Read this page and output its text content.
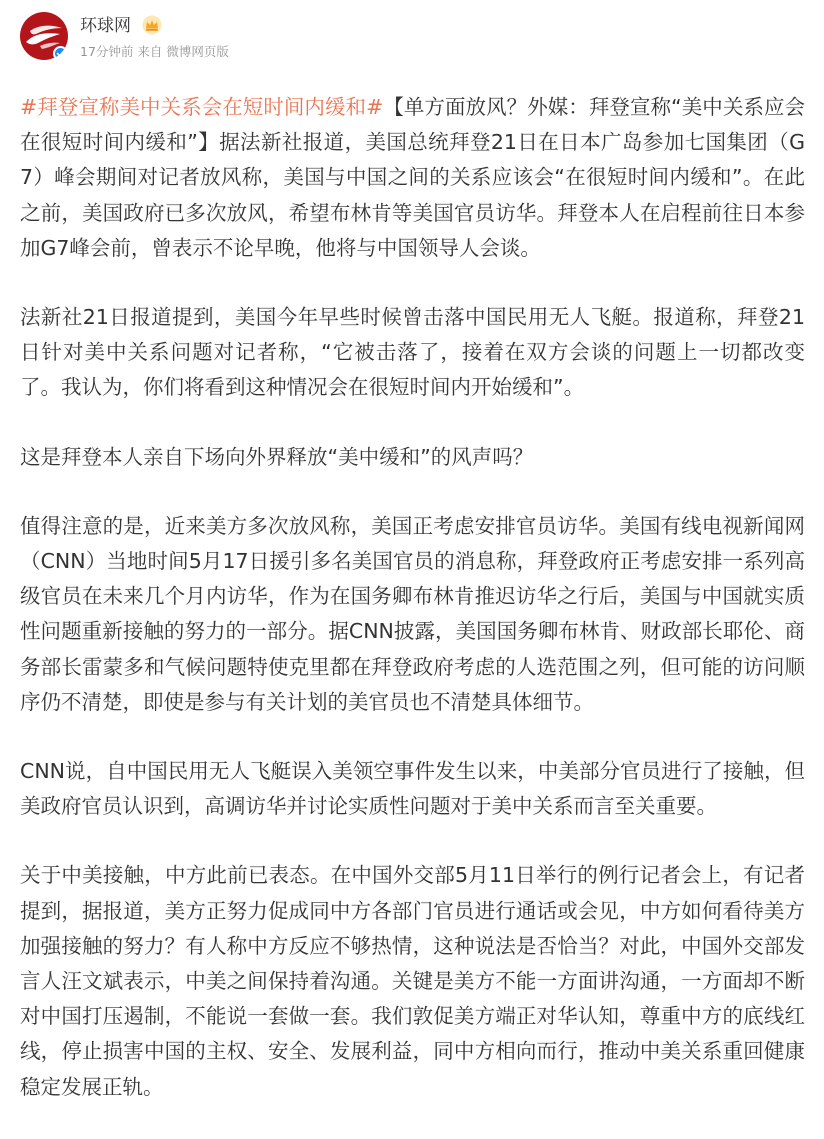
环球网
17分钟前 来自 微博网页版

#拜登宣称美中关系会在短时间内缓和#【单方面放风？外媒：拜登宣称“美中关系应会在很短时间内缓和”】据法新社报道，美国总统拜登21日在日本广岛参加七国集团（G7）峰会期间对记者放风称，美国与中国之间的关系应该会“在很短时间内缓和”。在此之前，美国政府已多次放风，希望布林肯等美国官员访华。拜登本人在启程前往日本参加G7峰会前，曾表示不论早晚，他将与中国领导人会谈。

法新社21日报道提到，美国今年早些时候曾击落中国民用无人飞艇。报道称，拜登21日针对美中关系问题对记者称，“它被击落了，接着在双方会谈的问题上一切都改变了。我认为，你们将看到这种情况会在很短时间内开始缓和”。

这是拜登本人亲自下场向外界释放“美中缓和”的风声吗？

值得注意的是，近来美方多次放风称，美国正考虑安排官员访华。美国有线电视新闻网（CNN）当地时间5月17日援引多名美国官员的消息称，拜登政府正考虑安排一系列高级官员在未来几个月内访华，作为在国务卿布林肯推迟访华之行后，美国与中国就实质性问题重新接触的努力的一部分。据CNN披露，美国国务卿布林肯、财政部长耶伦、商务部长雷蒙多和气候问题特使克里都在拜登政府考虑的人选范围之列，但可能的访问顺序仍不清楚，即使是参与有关计划的美官员也不清楚具体细节。

CNN说，自中国民用无人飞艇误入美领空事件发生以来，中美部分官员进行了接触，但美政府官员认识到，高调访华并讨论实质性问题对于美中关系而言至关重要。

关于中美接触，中方此前已表态。在中国外交部5月11日举行的例行记者会上，有记者提到，据报道，美方正努力促成同中方各部门官员进行通话或会见，中方如何看待美方加强接触的努力？有人称中方反应不够热情，这种说法是否恰当？对此，中国外交部发言人汪文斌表示，中美之间保持着沟通。关键是美方不能一方面讲沟通，一方面却不断对中国打压遏制，不能说一套做一套。我们敦促美方端正对华认知，尊重中方的底线红线，停止损害中国的主权、安全、发展利益，同中方相向而行，推动中美关系重回健康稳定发展正轨。
